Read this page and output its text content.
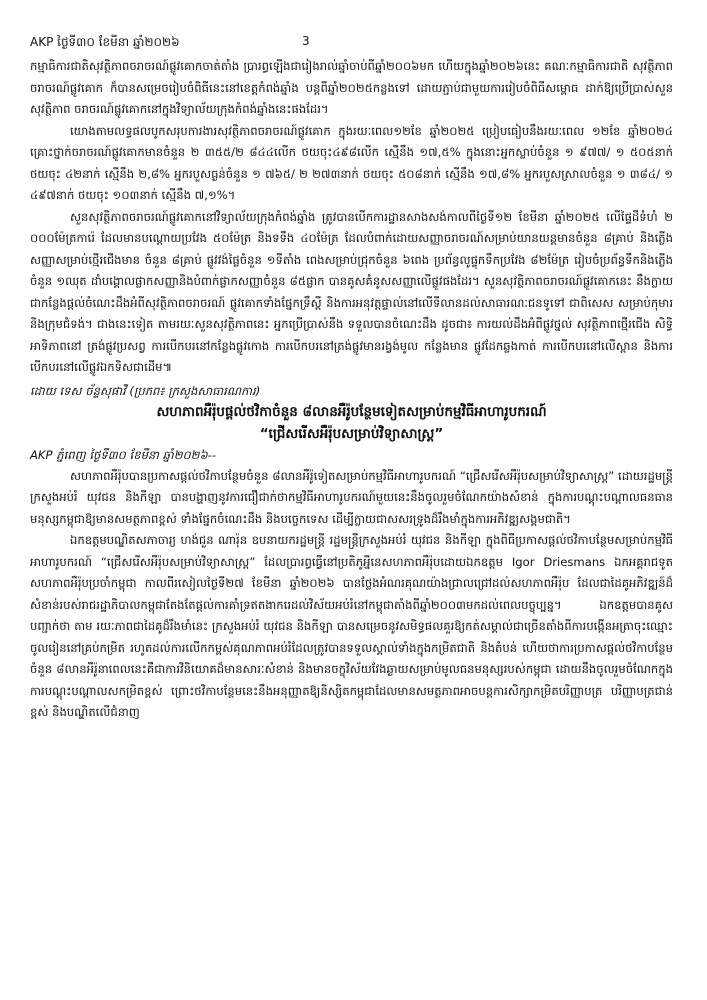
AKP ថ្ងៃទី៣០ ខែមីនា ឆ្នាំ២០២៦	3

កម្មាធិការជាតិសុវត្ថិភាពចរាចរណ៍ផ្លូវគោកចាត់តាំង ប្រារព្ធឡើងជារៀងរាល់ឆ្នាំចាប់ពីឆ្នាំ២០០៦មក ហើយក្នុងឆ្នាំ២០២៦នេះ គណៈកម្មាធិការជាតិ សុវត្ថិភាពចរាចរណ៍ផ្លូវគោក ក៏បានសម្រេចរៀបចំពិធីនេះនៅខេត្តកំពង់ឆ្នាំង បន្តពីឆ្នាំ២០២៥កន្លងទៅ ដោយភ្ជាប់ជាមួយការរៀបចំពិធីសម្ពោធ ដាក់ឱ្យប្រើប្រាស់សួនសុវត្ថិភាព ចរាចរណ៍ផ្លូវគោកនៅក្នុងវិទ្យាល័យក្រុងកំពង់ឆ្នាំងនេះផងដែរ។

យោងតាមលទ្ធផលបូកសរុបការងារសុវត្ថិភាពចរាចរណ៍ផ្លូវគោក ក្នុងរយៈពេល១២ខែ ឆ្នាំ២០២៥ ប្រៀបធៀបនឹងរយៈពេល ១២ខែ ឆ្នាំ២០២៤ គ្រោះថ្នាក់ចរាចរណ៍ផ្លូវគោកមានចំនួន ២ ៣៥៥/២ ៨៤៤លើក ថយចុះ៤៩៨លើក ស្មើនឹង ១៧,៥% ក្នុងនោះអ្នកស្លាប់ចំនួន ១ ៩៧៧/ ១ ៥០៥នាក់ ថយចុះ ៤២នាក់ ស្មើនឹង ២,៨% អ្នករបួសធ្ងន់ចំនួន ១ ៧៦៥/ ២ ២៧៣នាក់ ថយចុះ ៥០៨នាក់ ស្មើនឹង ១៧,៨% អ្នករបួសស្រាលចំនួន ១ ៣៨៤/ ១ ៤៩៧នាក់ ថយចុះ ១០៣នាក់ ស្មើនឹង ៧,១%។

សួនសុវត្ថិភាពចរាចរណ៍ផ្លូវគោកនៅវិទ្យាល័យក្រុងកំពង់ឆ្នាំង ត្រូវបានបើកការដ្ឋានសាងសង់កាលពីថ្ងៃទី១២ ខែមីនា ឆ្នាំ២០២៥ លើផ្ទៃដីទំហំ ២ ០០០ម៉ែត្រការ៉េ ដែលមានបណ្ដោយប្រវែង ៥០ម៉ែត្រ និងទទឹង ៤០ម៉ែត្រ ដែលបំពាក់ដោយសញ្ញាចរាចរណ៍សម្រាប់យានយន្តមានចំនួន ៨គ្រាប់ និងភ្លើងសញ្ញាសម្រាប់ថ្មើរជើងមាន ចំនួន ៨គ្រាប់ ផ្លូវវង់ផ្លៃចំនួន ១ទីតាំង ពេងសម្រាប់ជ្រុកចំនួន ៦ពេង ប្រព័ន្ធលូផ្ទុកទឹកប្រវែង ៨២ម៉ែត្រ រៀបចំប្រព័ន្ធទឹកនិងភ្លើង ចំនួន ១ឈុត ដាំបង្គោលផ្លាកសញ្ញានិងបំពាក់ផ្លាកសញ្ញាចំនួន ៨៥ផ្លាក បានគូសគំនូសសញ្ញាលើផ្លូវផងដែរ។ សួនសុវត្ថិភាពចរាចរណ៍ផ្លូវគោកនេះ នឹងក្លាយជាកន្លែងផ្ដល់ចំណេះដឹងអំពីសុវត្ថិភាពចរាចរណ៍ ផ្លូវគោកទាំងផ្នែកទ្រឹស្ដី និងការអនុវត្តផ្ទាល់នៅលើទីលានដល់សាធារណៈជនទូទៅ ជាពិសេស សម្រាប់កុមារ និងក្រុមជំទង់។ ជាងនេះទៀត តាមរយៈសួនសុវត្ថិភាពនេះ អ្នកប្រើប្រាស់នឹង ទទួលបានចំណេះដឹង ដូចជា៖ ការយល់ដឹងអំពីផ្លូវថ្នល់ សុវត្ថិភាពថ្មើរជើង សិទ្ធិអាទិភាពនៅ ត្រង់ផ្លូវប្រសព្វ ការបើកបរនៅកន្លែងផ្លូវកោង ការបើកបរនៅត្រង់ផ្លូវមានរង្វង់មូល កន្លែងមាន ផ្លូវដែកឆ្លងកាត់ ការបើកបរនៅលើស្ពាន និងការបើកបរនៅលើផ្លូវឯកទិសជាដើម៕

ដោយ ទេស ច័ន្ទសុផាវី (ប្រភព៖ ក្រសួងសាធារណការ)
សហភាពអឺរ៉ុបផ្ដល់ថវិកាចំនួន ៨លានអឺរ៉ូបន្ថែមទៀតសម្រាប់កម្មវិធីអាហារូបករណ៍
“ជ្រើសរើសអឺរ៉ុបសម្រាប់វិទ្យាសាស្ត្រ”
AKP ភ្នំពេញ ថ្ងៃទី៣០ ខែមីនា ឆ្នាំ២០២៦--

សហភាពអឺរ៉ុបបានប្រកាសផ្ដល់ថវិកាបន្ថែមចំនួន ៨លានអឺរ៉ូទៀតសម្រាប់កម្មវិធីអាហារូបករណ៍ “ជ្រើសរើសអឺរ៉ុបសម្រាប់វិទ្យាសាស្ត្រ” ដោយរដ្ឋមន្ត្រីក្រសួងអប់រំ យុវជន និងកីឡា បានបង្ហាញនូវការជឿជាក់ថាកម្មវិធីអាហារូបករណ៍មួយនេះនឹងចូលរួមចំណែកយ៉ាងសំខាន់ ក្នុងការបណ្ដុះបណ្ដាលធនធានមនុស្សកម្ពុជាឱ្យមានសមត្ថភាពខ្ពស់ ទាំងផ្នែកចំណេះដឹង និងបច្ចេកទេស ដើម្បីក្លាយជាសសរទ្រូងដ៏រឹងមាំក្នុងការអភិវឌ្ឍសង្គមជាតិ។

ឯកឧត្តមបណ្ឌិតសភាចារ្យ ហង់ជួន ណារ៉ុន ឧបនាយករដ្ឋមន្ត្រី រដ្ឋមន្ត្រីក្រសួងអប់រំ យុវជន និងកីឡា ក្នុងពិធីប្រកាសផ្ដល់ថវិកាបន្ថែមសម្រាប់កម្មវិធីអាហារូបករណ៍ “ជ្រើសរើសអឺរ៉ុបសម្រាប់វិទ្យាសាស្ត្រ” ដែលប្រារព្ធធ្វើនៅប្រតិភូអ្នីនេសហភាពអឺរ៉ុបដោយឯកឧត្តម Igor Driesmans ឯកអគ្គរាជទូតសហភាពអឺរ៉ុបប្រចាំកម្ពុជា កាលពីរសៀលថ្ងៃទី២៧ ខែមីនា ឆ្នាំ២០២៦ បានថ្លែងអំណរគុណយ៉ាងជ្រាលជ្រៅដល់សហភាពអឺរ៉ុប ដែលជាដៃគូអភិវឌ្ឍន៍ដ៏សំខាន់របស់រាជរដ្ឋាភិបាលកម្ពុជាតែងតែផ្ដល់ការគាំទ្រឥតងាករេដល់វិស័យអប់រំនៅកម្ពុជាតាំងពីឆ្នាំ២០០៣មកដល់ពេលបច្ចុប្បន្ន។ ឯកឧត្តមបានគូសបញ្ជាក់ថា តាម រយៈភាពជាដៃគូដ៏រឹងមាំនេះ ក្រសួងអប់រំ យុវជន និងកីឡា បានសម្រេចនូវសមិទ្ធផលគួរឱ្យកត់សម្គាល់ជាច្រើនតាំងពីការបង្កើនអត្រាចុះឈ្មោះចូលរៀននៅគ្រប់កម្រិត រហូតដល់ការលើកកម្ពស់គុណភាពអប់រំដែលត្រូវបានទទួលស្គាល់ទាំងក្នុងកម្រិតជាតិ និងតំបន់ ហើយថាការប្រកាសផ្ដល់ថវិកាបន្ថែមចំនួន ៨លានអឺរ៉ូនាពេលនេះគឺជាការវិនិយោគដ៏មានសារៈសំខាន់ និងមានចក្ខុវិស័យវែងឆ្ងាយសម្រាប់មូលធនមនុស្សរបស់កម្ពុជា ដោយនឹងចូលរួមចំណែកក្នុងការបណ្ដុះបណ្ដាលសកម្រិតខ្ពស់ ព្រោះថវិកាបន្ថែមនេះនឹងអនុញ្ញាតឱ្យនិស្សិតកម្ពុជាដែលមានសមត្ថភាពអាចបន្តការសិក្សាកម្រិតបរិញ្ញាបត្រ បរិញ្ញាបត្រជាន់ខ្ពស់ និងបណ្ឌិតលើជំនាញ
